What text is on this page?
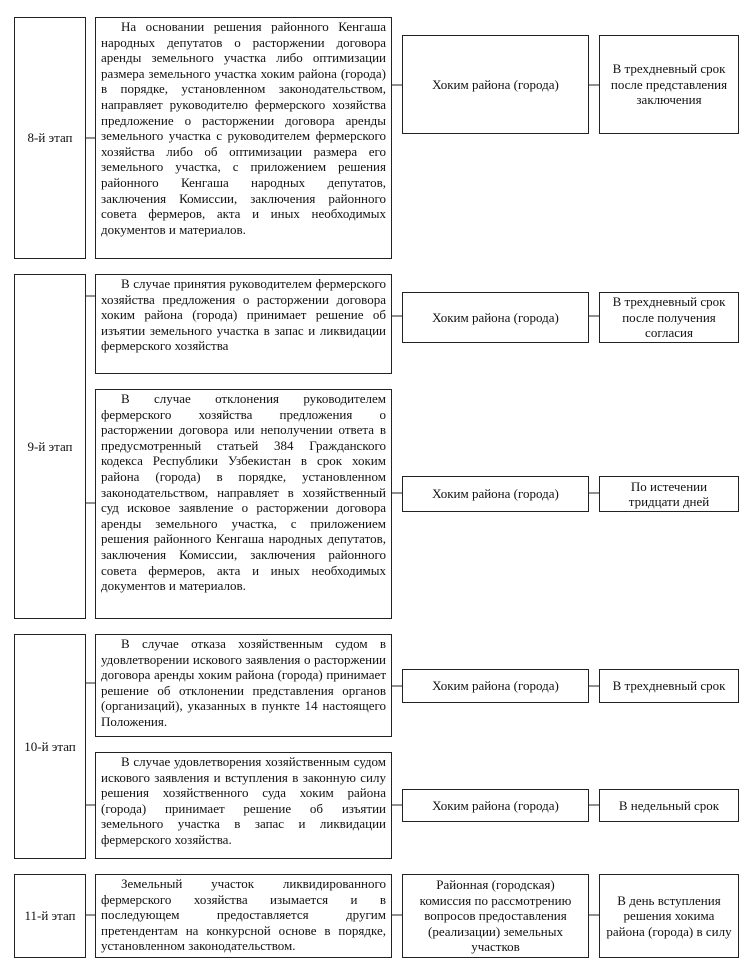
8-й этап
На основании решения районного Кенгаша народных депутатов о расторжении договора аренды земельного участка либо оптимизации размера земельного участка хоким района (города) в порядке, установленном законодательством, направляет руководителю фермерского хозяйства предложение о расторжении договора аренды земельного участка с руководителем фермерского хозяйства либо об оптимизации размера его земельного участка, с приложением решения районного Кенгаша народных депутатов, заключения Комиссии, заключения районного совета фермеров, акта и иных необходимых документов и материалов.
Хоким района (города)
В трехдневный срок после представления заключения
9-й этап
В случае принятия руководителем фермерского хозяйства предложения о расторжении договора хоким района (города) принимает решение об изъятии земельного участка в запас и ликвидации фермерского хозяйства
Хоким района (города)
В трехдневный срок после получения согласия
В случае отклонения руководителем фермерского хозяйства предложения о расторжении договора или неполучении ответа в предусмотренный статьей 384 Гражданского кодекса Республики Узбекистан в срок хоким района (города) в порядке, установленном законодательством, направляет в хозяйственный суд исковое заявление о расторжении договора аренды земельного участка, с приложением решения районного Кенгаша народных депутатов, заключения Комиссии, заключения районного совета фермеров, акта и иных необходимых документов и материалов.
Хоким района (города)
По истечении тридцати дней
10-й этап
В случае отказа хозяйственным судом в удовлетворении искового заявления о расторжении договора аренды хоким района (города) принимает решение об отклонении представления органов (организаций), указанных в пункте 14 настоящего Положения.
Хоким района (города)	В трехдневный срок
В случае удовлетворения хозяйственным судом искового заявления и вступления в законную силу решения хозяйственного суда хоким района (города) принимает решение об изъятии земельного участка в запас и ликвидации фермерского хозяйства.
Хоким района (города)	В недельный срок
11-й этап
Земельный участок ликвидированного фермерского хозяйства изымается и в последующем предоставляется другим претендентам на конкурсной основе в порядке, установленном законодательством.
Районная (городская) комиссия по рассмотрению вопросов предоставления (реализации) земельных участков
В день вступления решения хокима района (города) в силу
